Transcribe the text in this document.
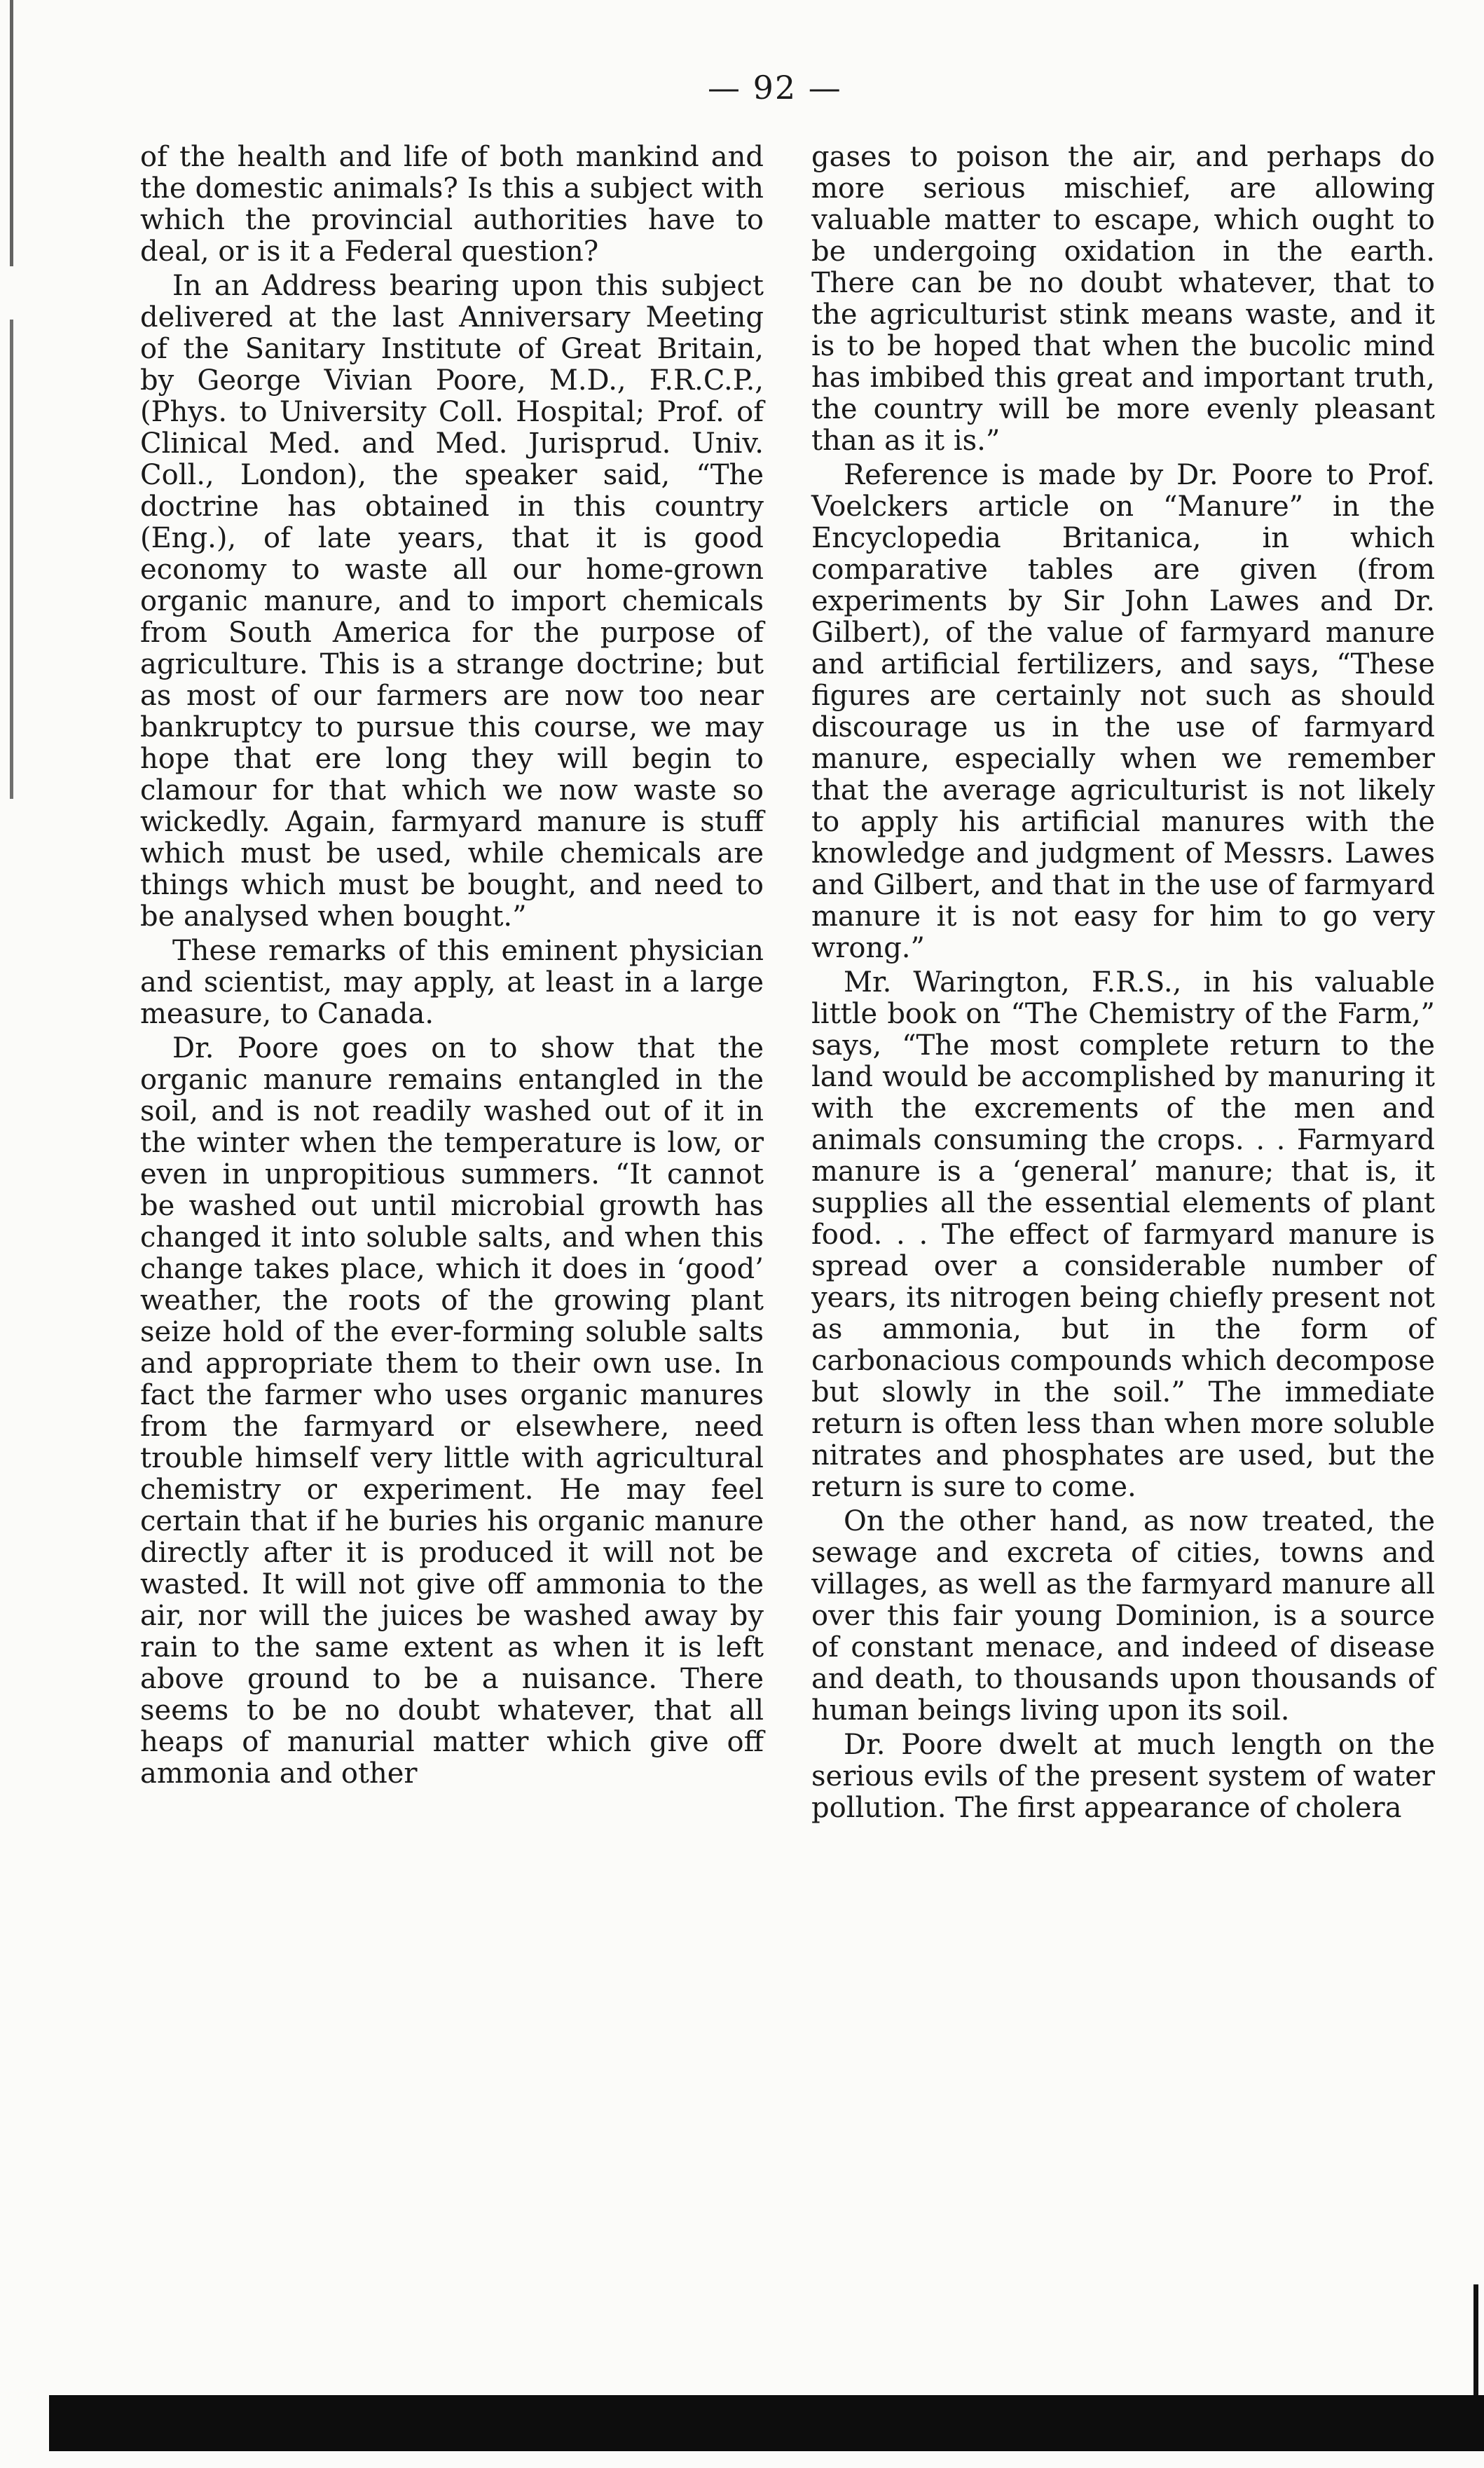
— 92 —

of the health and life of both mankind and the domestic animals? Is this a subject with which the provincial authorities have to deal, or is it a Federal question?

In an Address bearing upon this subject delivered at the last Anniversary Meeting of the Sanitary Institute of Great Britain, by George Vivian Poore, M.D., F.R.C.P., (Phys. to University Coll. Hospital; Prof. of Clinical Med. and Med. Jurisprud. Univ. Coll., London), the speaker said, “The doctrine has obtained in this country (Eng.), of late years, that it is good economy to waste all our home-grown organic manure, and to import chemicals from South America for the purpose of agriculture. This is a strange doctrine; but as most of our farmers are now too near bankruptcy to pursue this course, we may hope that ere long they will begin to clamour for that which we now waste so wickedly. Again, farmyard manure is stuff which must be used, while chemicals are things which must be bought, and need to be analysed when bought.”

These remarks of this eminent physician and scientist, may apply, at least in a large measure, to Canada.

Dr. Poore goes on to show that the organic manure remains entangled in the soil, and is not readily washed out of it in the winter when the temperature is low, or even in unpropitious summers. “It cannot be washed out until microbial growth has changed it into soluble salts, and when this change takes place, which it does in ‘good’ weather, the roots of the growing plant seize hold of the ever-forming soluble salts and appropriate them to their own use. In fact the farmer who uses organic manures from the farmyard or elsewhere, need trouble himself very little with agricultural chemistry or experiment. He may feel certain that if he buries his organic manure directly after it is produced it will not be wasted. It will not give off ammonia to the air, nor will the juices be washed away by rain to the same extent as when it is left above ground to be a nuisance. There seems to be no doubt whatever, that all heaps of manurial matter which give off ammonia and other

gases to poison the air, and perhaps do more serious mischief, are allowing valuable matter to escape, which ought to be undergoing oxidation in the earth. There can be no doubt whatever, that to the agriculturist stink means waste, and it is to be hoped that when the bucolic mind has imbibed this great and important truth, the country will be more evenly pleasant than as it is.”

Reference is made by Dr. Poore to Prof. Voelckers article on “Manure” in the Encyclopedia Britanica, in which comparative tables are given (from experiments by Sir John Lawes and Dr. Gilbert), of the value of farmyard manure and artificial fertilizers, and says, “These figures are certainly not such as should discourage us in the use of farmyard manure, especially when we remember that the average agriculturist is not likely to apply his artificial manures with the knowledge and judgment of Messrs. Lawes and Gilbert, and that in the use of farmyard manure it is not easy for him to go very wrong.”

Mr. Warington, F.R.S., in his valuable little book on “The Chemistry of the Farm,” says, “The most complete return to the land would be accomplished by manuring it with the excrements of the men and animals consuming the crops. . . Farmyard manure is a ‘general’ manure; that is, it supplies all the essential elements of plant food. . . The effect of farmyard manure is spread over a considerable number of years, its nitrogen being chiefly present not as ammonia, but in the form of carbonacious compounds which decompose but slowly in the soil.” The immediate return is often less than when more soluble nitrates and phosphates are used, but the return is sure to come.

On the other hand, as now treated, the sewage and excreta of cities, towns and villages, as well as the farmyard manure all over this fair young Dominion, is a source of constant menace, and indeed of disease and death, to thousands upon thousands of human beings living upon its soil.

Dr. Poore dwelt at much length on the serious evils of the present system of water pollution. The first appearance of cholera
